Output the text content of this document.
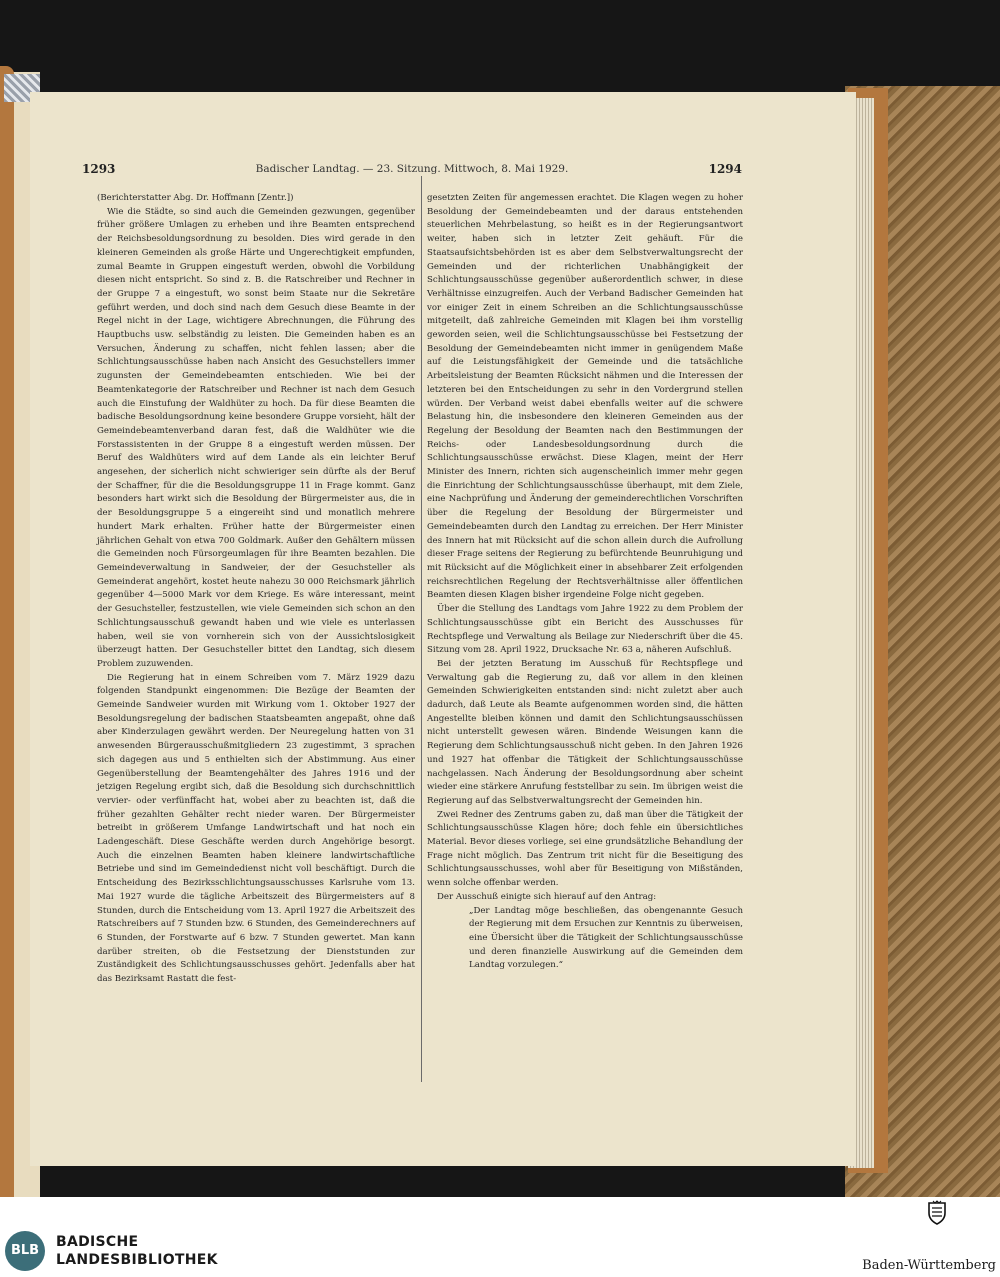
1293	Badischer Landtag. — 23. Sitzung. Mittwoch, 8. Mai 1929.	1294

(Berichterstatter Abg. Dr. Hoffmann [Zentr.])

Wie die Städte, so sind auch die Gemeinden gezwungen, gegenüber früher größere Umlagen zu erheben und ihre Beamten entsprechend der Reichsbesoldungsordnung zu besolden. Dies wird gerade in den kleineren Gemeinden als große Härte und Ungerechtigkeit empfunden, zumal Beamte in Gruppen eingestuft werden, obwohl die Vorbildung diesen nicht entspricht. So sind z. B. die Ratschreiber und Rechner in der Gruppe 7 a eingestuft, wo sonst beim Staate nur die Sekretäre geführt werden, und doch sind nach dem Gesuch diese Beamte in der Regel nicht in der Lage, wichtigere Abrechnungen, die Führung des Hauptbuchs usw. selbständig zu leisten. Die Gemeinden haben es an Versuchen, Änderung zu schaffen, nicht fehlen lassen; aber die Schlichtungsausschüsse haben nach Ansicht des Gesuchstellers immer zugunsten der Gemeindebeamten entschieden. Wie bei der Beamtenkategorie der Ratschreiber und Rechner ist nach dem Gesuch auch die Einstufung der Waldhüter zu hoch. Da für diese Beamten die badische Besoldungsordnung keine besondere Gruppe vorsieht, hält der Gemeindebeamtenverband daran fest, daß die Waldhüter wie die Forstassistenten in der Gruppe 8 a eingestuft werden müssen. Der Beruf des Waldhüters wird auf dem Lande als ein leichter Beruf angesehen, der sicherlich nicht schwieriger sein dürfte als der Beruf der Schaffner, für die die Besoldungsgruppe 11 in Frage kommt. Ganz besonders hart wirkt sich die Besoldung der Bürgermeister aus, die in der Besoldungsgruppe 5 a eingereiht sind und monatlich mehrere hundert Mark erhalten. Früher hatte der Bürgermeister einen jährlichen Gehalt von etwa 700 Goldmark. Außer den Gehältern müssen die Gemeinden noch Fürsorgeumlagen für ihre Beamten bezahlen. Die Gemeindeverwaltung in Sandweier, der der Gesuchsteller als Gemeinderat angehört, kostet heute nahezu 30 000 Reichsmark jährlich gegenüber 4—5000 Mark vor dem Kriege. Es wäre interessant, meint der Gesuchsteller, festzustellen, wie viele Gemeinden sich schon an den Schlichtungsausschuß gewandt haben und wie viele es unterlassen haben, weil sie von vornherein sich von der Aussichtslosigkeit überzeugt hatten. Der Gesuchsteller bittet den Landtag, sich diesem Problem zuzuwenden.

Die Regierung hat in einem Schreiben vom 7. März 1929 dazu folgenden Standpunkt eingenommen: Die Bezüge der Beamten der Gemeinde Sandweier wurden mit Wirkung vom 1. Oktober 1927 der Besoldungsregelung der badischen Staatsbeamten angepaßt, ohne daß aber Kinderzulagen gewährt werden. Der Neuregelung hatten von 31 anwesenden Bürgerausschußmitgliedern 23 zugestimmt, 3 sprachen sich dagegen aus und 5 enthielten sich der Abstimmung. Aus einer Gegenüberstellung der Beamtengehälter des Jahres 1916 und der jetzigen Regelung ergibt sich, daß die Besoldung sich durchschnittlich vervier- oder verfünffacht hat, wobei aber zu beachten ist, daß die früher gezahlten Gehälter recht nieder waren. Der Bürgermeister betreibt in größerem Umfange Landwirtschaft und hat noch ein Ladengeschäft. Diese Geschäfte werden durch Angehörige besorgt. Auch die einzelnen Beamten haben kleinere landwirtschaftliche Betriebe und sind im Gemeindedienst nicht voll beschäftigt. Durch die Entscheidung des Bezirksschlichtungsausschusses Karlsruhe vom 13. Mai 1927 wurde die tägliche Arbeitszeit des Bürgermeisters auf 8 Stunden, durch die Entscheidung vom 13. April 1927 die Arbeitszeit des Ratschreibers auf 7 Stunden bzw. 6 Stunden, des Gemeinderechners auf 6 Stunden, der Forstwarte auf 6 bzw. 7 Stunden gewertet. Man kann darüber streiten, ob die Festsetzung der Dienststunden zur Zuständigkeit des Schlichtungsausschusses gehört. Jedenfalls aber hat das Bezirksamt Rastatt die fest-

gesetzten Zeiten für angemessen erachtet. Die Klagen wegen zu hoher Besoldung der Gemeindebeamten und der daraus entstehenden steuerlichen Mehrbelastung, so heißt es in der Regierungsantwort weiter, haben sich in letzter Zeit gehäuft. Für die Staatsaufsichtsbehörden ist es aber dem Selbstverwaltungsrecht der Gemeinden und der richterlichen Unabhängigkeit der Schlichtungsausschüsse gegenüber außerordentlich schwer, in diese Verhältnisse einzugreifen. Auch der Verband Badischer Gemeinden hat vor einiger Zeit in einem Schreiben an die Schlichtungsausschüsse mitgeteilt, daß zahlreiche Gemeinden mit Klagen bei ihm vorstellig geworden seien, weil die Schlichtungsausschüsse bei Festsetzung der Besoldung der Gemeindebeamten nicht immer in genügendem Maße auf die Leistungsfähigkeit der Gemeinde und die tatsächliche Arbeitsleistung der Beamten Rücksicht nähmen und die Interessen der letzteren bei den Entscheidungen zu sehr in den Vordergrund stellen würden. Der Verband weist dabei ebenfalls weiter auf die schwere Belastung hin, die insbesondere den kleineren Gemeinden aus der Regelung der Besoldung der Beamten nach den Bestimmungen der Reichs- oder Landesbesoldungsordnung durch die Schlichtungsausschüsse erwächst. Diese Klagen, meint der Herr Minister des Innern, richten sich augenscheinlich immer mehr gegen die Einrichtung der Schlichtungsausschüsse überhaupt, mit dem Ziele, eine Nachprüfung und Änderung der gemeinderechtlichen Vorschriften über die Regelung der Besoldung der Bürgermeister und Gemeindebeamten durch den Landtag zu erreichen. Der Herr Minister des Innern hat mit Rücksicht auf die schon allein durch die Aufrollung dieser Frage seitens der Regierung zu befürchtende Beunruhigung und mit Rücksicht auf die Möglichkeit einer in absehbarer Zeit erfolgenden reichsrechtlichen Regelung der Rechtsverhältnisse aller öffentlichen Beamten diesen Klagen bisher irgendeine Folge nicht gegeben.

Über die Stellung des Landtags vom Jahre 1922 zu dem Problem der Schlichtungsausschüsse gibt ein Bericht des Ausschusses für Rechtspflege und Verwaltung als Beilage zur Niederschrift über die 45. Sitzung vom 28. April 1922, Drucksache Nr. 63 a, näheren Aufschluß.

Bei der jetzten Beratung im Ausschuß für Rechtspflege und Verwaltung gab die Regierung zu, daß vor allem in den kleinen Gemeinden Schwierigkeiten entstanden sind: nicht zuletzt aber auch dadurch, daß Leute als Beamte aufgenommen worden sind, die hätten Angestellte bleiben können und damit den Schlichtungsausschüssen nicht unterstellt gewesen wären. Bindende Weisungen kann die Regierung dem Schlichtungsausschuß nicht geben. In den Jahren 1926 und 1927 hat offenbar die Tätigkeit der Schlichtungsausschüsse nachgelassen. Nach Änderung der Besoldungsordnung aber scheint wieder eine stärkere Anrufung feststellbar zu sein. Im übrigen weist die Regierung auf das Selbstverwaltungsrecht der Gemeinden hin.

Zwei Redner des Zentrums gaben zu, daß man über die Tätigkeit der Schlichtungsausschüsse Klagen höre; doch fehle ein übersichtliches Material. Bevor dieses vorliege, sei eine grundsätzliche Behandlung der Frage nicht möglich. Das Zentrum trit nicht für die Beseitigung des Schlichtungsausschusses, wohl aber für Beseitigung von Mißständen, wenn solche offenbar werden.

Der Ausschuß einigte sich hierauf auf den Antrag:

„Der Landtag möge beschließen, das obengenannte Gesuch der Regierung mit dem Ersuchen zur Kenntnis zu überweisen, eine Übersicht über die Tätigkeit der Schlichtungsausschüsse und deren finanzielle Auswirkung auf die Gemeinden dem Landtag vorzulegen.“

BLB
BADISCHE
LANDESBIBLIOTHEK	Baden-Württemberg
